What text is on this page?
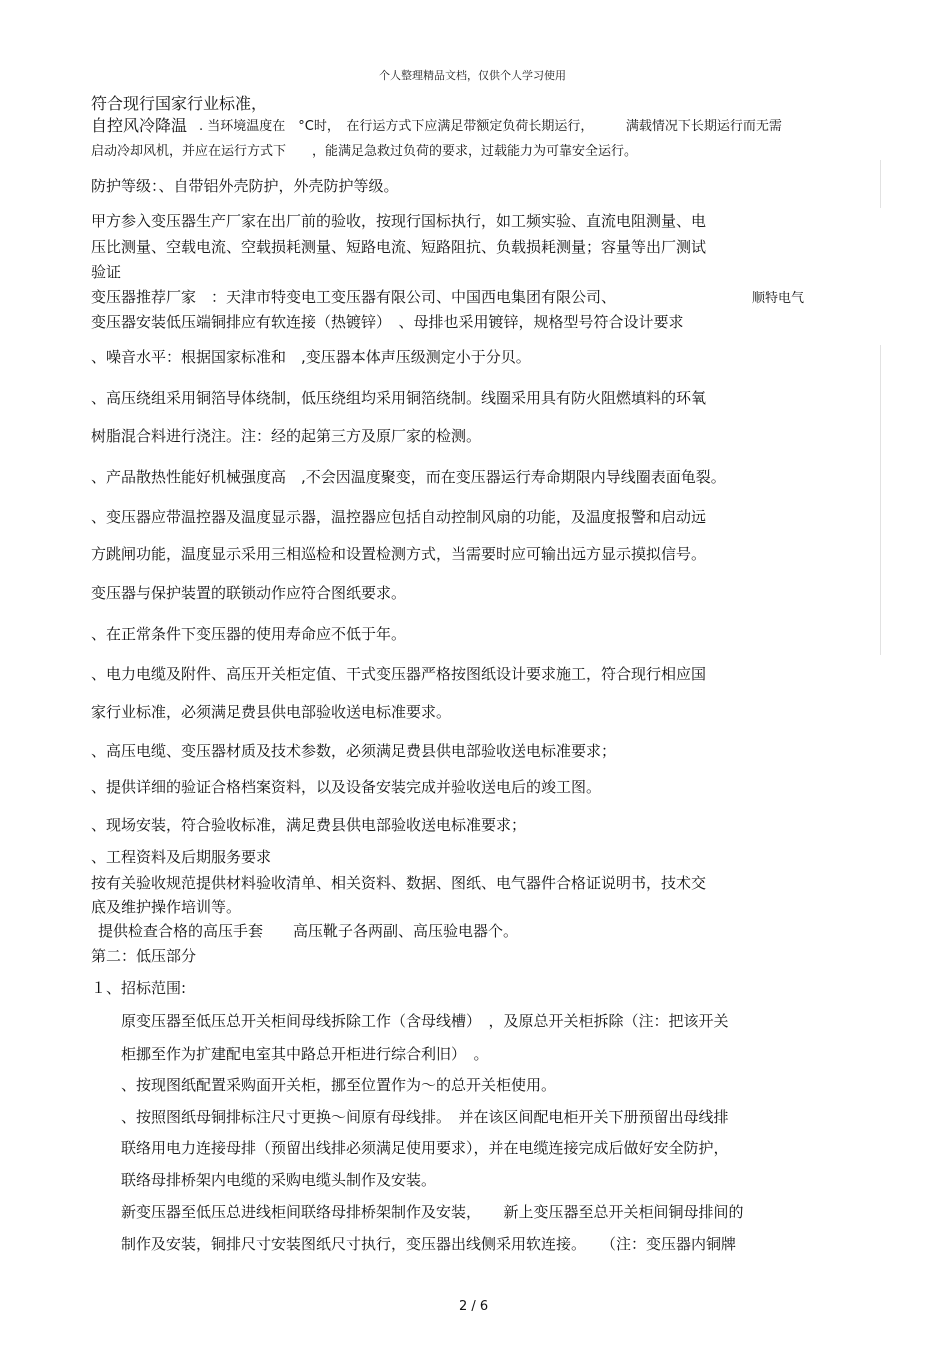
个人整理精品文档，仅供个人学习使用
符合现行国家行业标准，
自控风冷降温 . 当环境温度在　°C时，　在行运方式下应满足带额定负荷长期运行，　　　满载情况下长期运行而无需
启动冷却风机，并应在运行方式下　　，能满足急救过负荷的要求，过载能力为可靠安全运行。
防护等级：、自带铝外壳防护，外壳防护等级。
甲方参入变压器生产厂家在出厂前的验收，按现行国标执行，如工频实验、直流电阻测量、电
压比测量、空载电流、空载损耗测量、短路电流、短路阻抗、负载损耗测量；容量等出厂测试
验证
变压器推荐厂家　：天津市特变电工变压器有限公司、中国西电集团有限公司、	顺特电气
变压器安装低压端铜排应有软连接（热镀锌）　、母排也采用镀锌，规格型号符合设计要求
、噪音水平：根据国家标准和　,变压器本体声压级测定小于分贝。
、高压绕组采用铜箔导体绕制，低压绕组均采用铜箔绕制。线圈采用具有防火阻燃填料的环氧
树脂混合料进行浇注。注：经的起第三方及原厂家的检测。
、产品散热性能好机械强度高　,不会因温度聚变，而在变压器运行寿命期限内导线圈表面龟裂。
、变压器应带温控器及温度显示器，温控器应包括自动控制风扇的功能，及温度报警和启动远
方跳闸功能，温度显示采用三相巡检和设置检测方式，当需要时应可输出远方显示摸拟信号。
变压器与保护装置的联锁动作应符合图纸要求。
、在正常条件下变压器的使用寿命应不低于年。
、电力电缆及附件、高压开关柜定值、干式变压器严格按图纸设计要求施工，符合现行相应国
家行业标准，必须满足费县供电部验收送电标准要求。
、高压电缆、变压器材质及技术参数，必须满足费县供电部验收送电标准要求；
、提供详细的验证合格档案资料，以及设备安装完成并验收送电后的竣工图。
、现场安装，符合验收标准，满足费县供电部验收送电标准要求；
、工程资料及后期服务要求
按有关验收规范提供材料验收清单、相关资料、数据、图纸、电气器件合格证说明书，技术交
底及维护操作培训等。
提供检查合格的高压手套　　高压靴子各两副、高压验电器个。
第二：低压部分
１、招标范围:
原变压器至低压总开关柜间母线拆除工作（含母线槽）　，及原总开关柜拆除（注：把该开关
柜挪至作为扩建配电室其中路总开柜进行综合利旧）　。
、按现图纸配置采购面开关柜，挪至位置作为～的总开关柜使用。
、按照图纸母铜排标注尺寸更换～间原有母线排。　并在该区间配电柜开关下册预留出母线排
联络用电力连接母排（预留出线排必须满足使用要求），并在电缆连接完成后做好安全防护，
联络母排桥架内电缆的采购电缆头制作及安装。
新变压器至低压总进线柜间联络母排桥架制作及安装，　　新上变压器至总开关柜间铜母排间的
制作及安装，铜排尺寸安装图纸尺寸执行，变压器出线侧采用软连接。　　（注：变压器内铜牌
2 / 6
